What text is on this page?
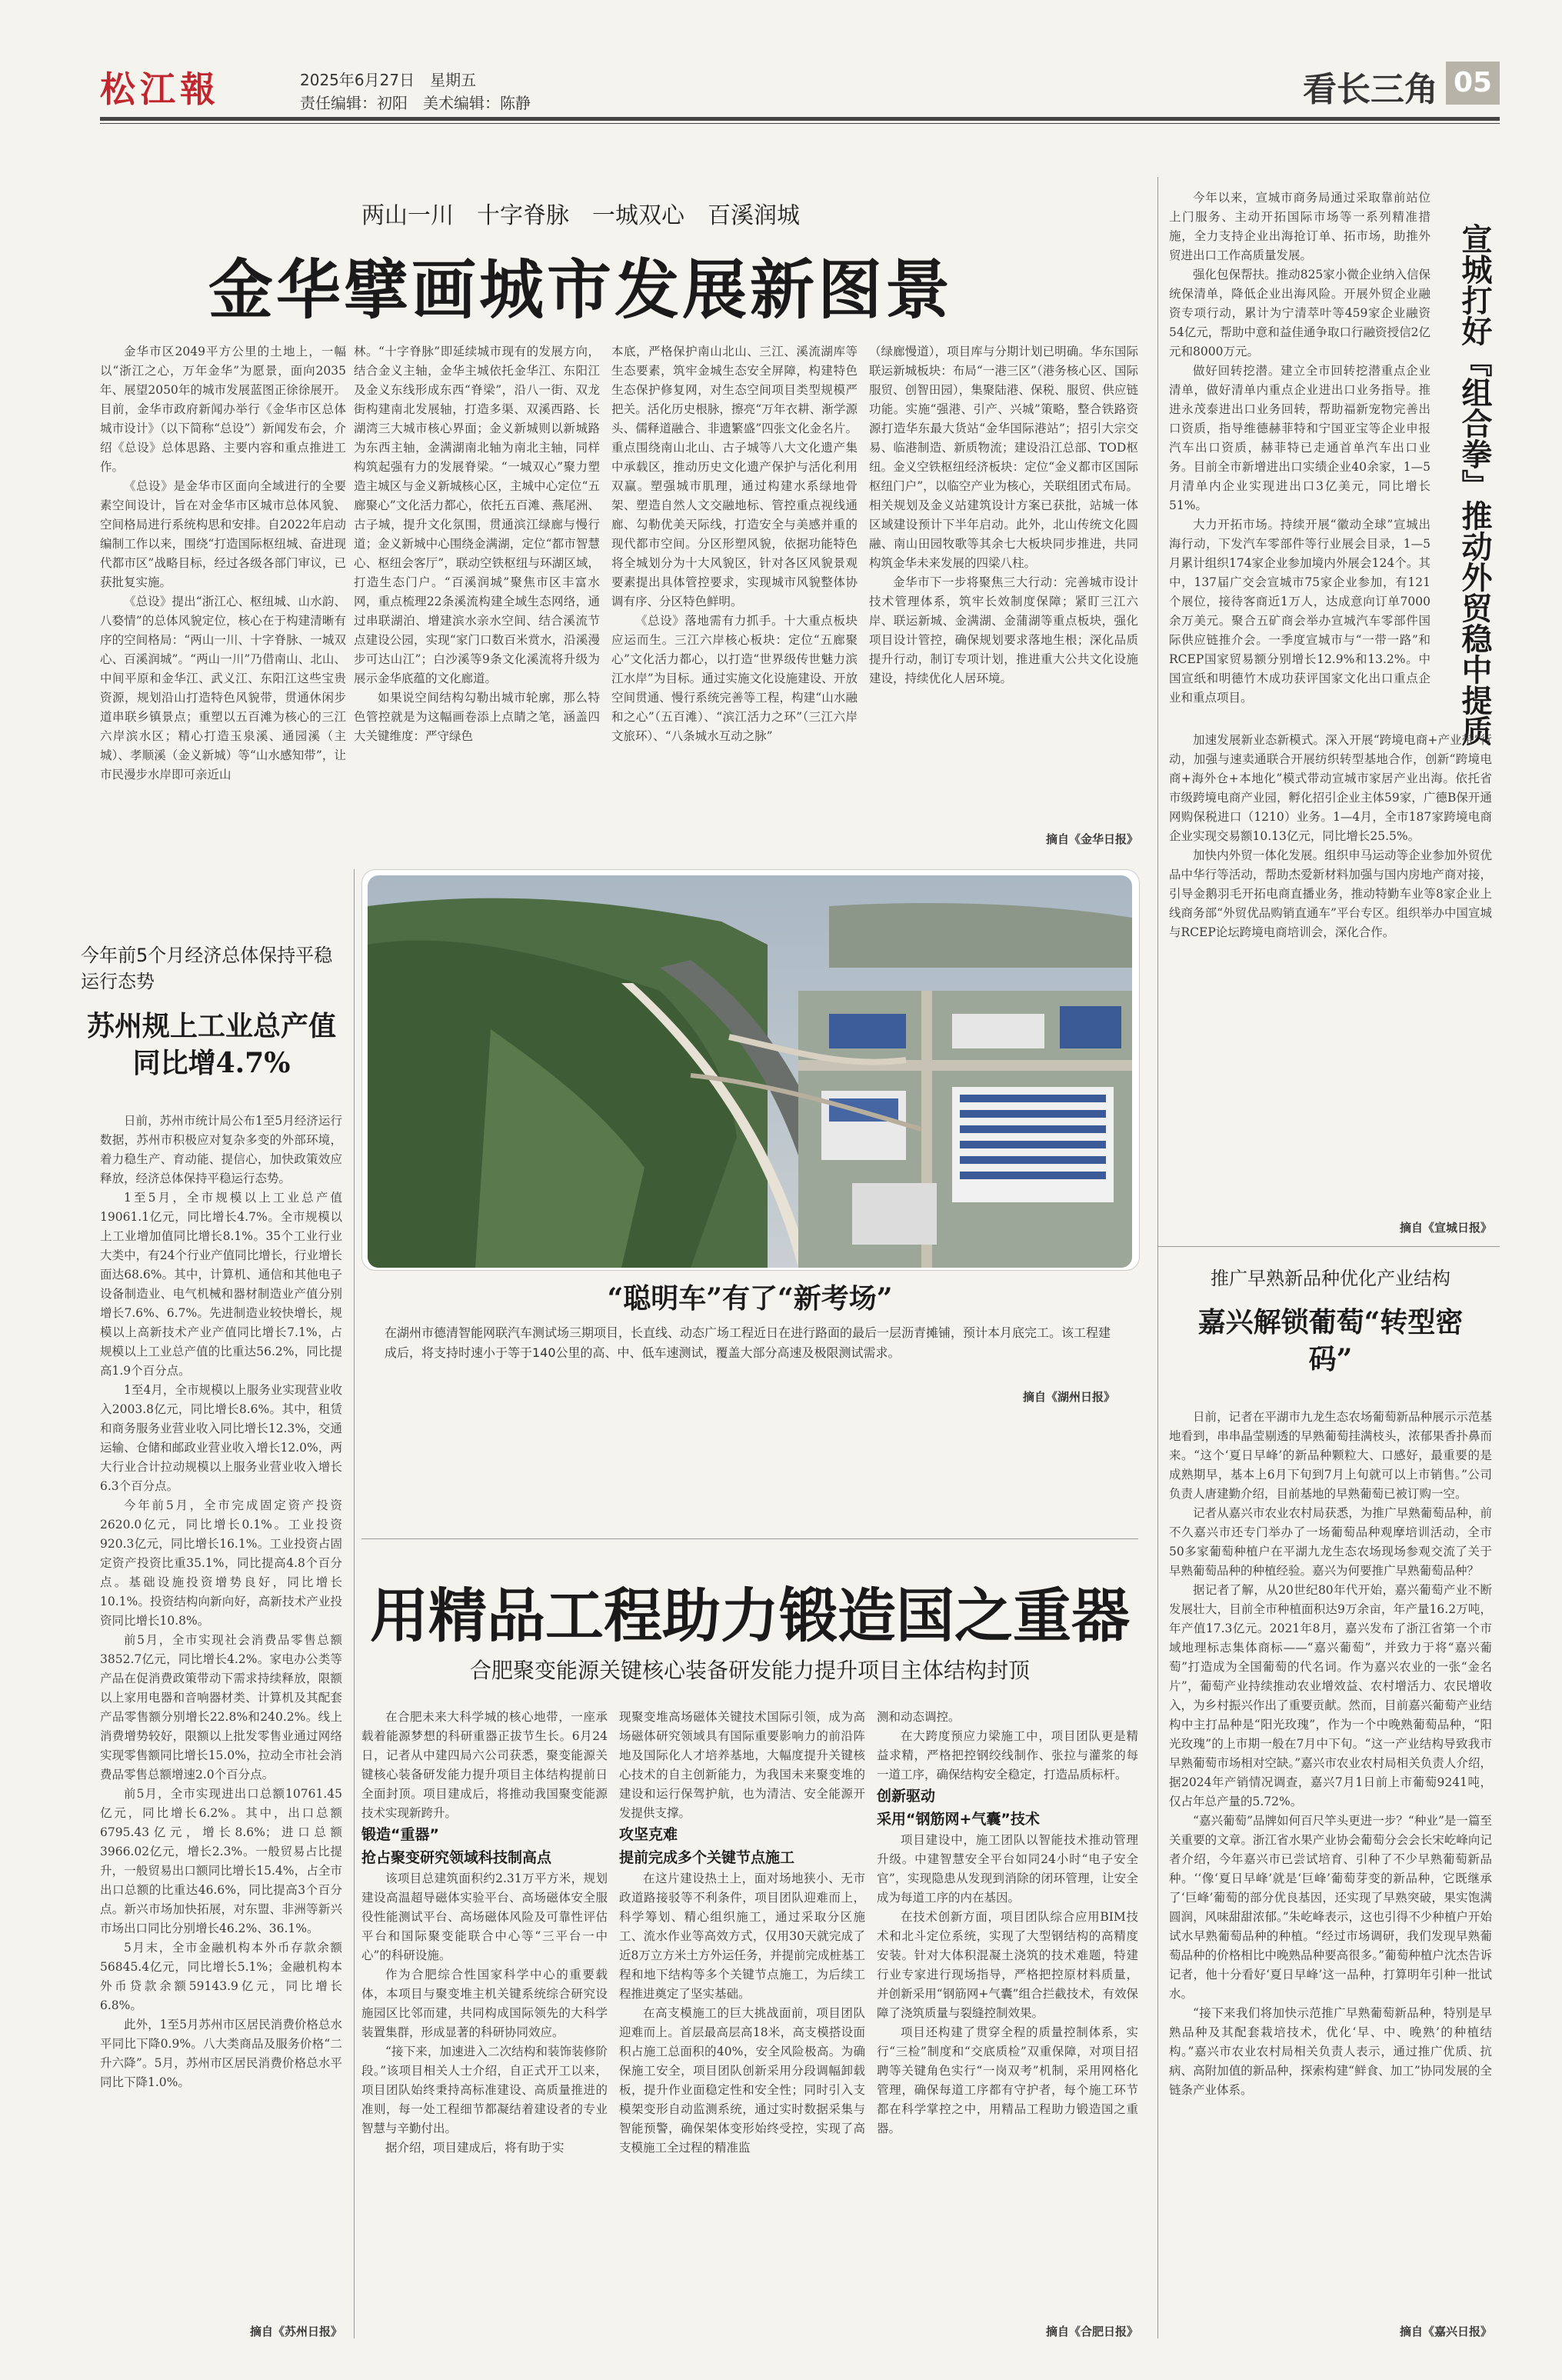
松江報	2025年6月27日　星期五
责任编辑：初阳　美术编辑：陈静	看长三角 05
两山一川　十字脊脉　一城双心　百溪润城
金华擘画城市发展新图景

金华市区2049平方公里的土地上，一幅以“浙江之心，万年金华”为愿景，面向2035年、展望2050年的城市发展蓝图正徐徐展开。目前，金华市政府新闻办举行《金华市区总体城市设计》（以下简称“总设”）新闻发布会，介绍《总设》总体思路、主要内容和重点推进工作。

《总设》是金华市区面向全域进行的全要素空间设计，旨在对金华市区城市总体风貌、空间格局进行系统构思和安排。自2022年启动编制工作以来，围绕“打造国际枢纽城、奋进现代都市区”战略目标，经过各级各部门审议，已获批复实施。

《总设》提出“浙江心、枢纽城、山水韵、八婺情”的总体风貌定位，核心在于构建清晰有序的空间格局：“两山一川、十字脊脉、一城双心、百溪润城”。“两山一川”乃借南山、北山、中间平原和金华江、武义江、东阳江这些宝贵资源，规划沿山打造特色风貌带，贯通休闲步道串联乡镇景点；重塑以五百滩为核心的三江六岸滨水区；精心打造玉泉溪、通园溪（主城）、孝顺溪（金义新城）等“山水感知带”，让市民漫步水岸即可亲近山

林。“十字脊脉”即延续城市现有的发展方向，结合金义主轴，金华主城依托金华江、东阳江及金义东线形成东西“脊梁”，沿八一街、双龙街构建南北发展轴，打造多渠、双溪西路、长湖湾三大城市核心界面；金义新城则以新城路为东西主轴，金满湖南北轴为南北主轴，同样构筑起强有力的发展脊梁。“一城双心”聚力塑造主城区与金义新城核心区，主城中心定位“五廊聚心”文化活力都心，依托五百滩、燕尾洲、古子城，提升文化氛围，贯通滨江绿廊与慢行道；金义新城中心围绕金满湖，定位“都市智慧心、枢纽会客厅”，联动空铁枢纽与环湖区域，打造生态门户。“百溪润城”聚焦市区丰富水网，重点梳理22条溪流构建全域生态网络，通过串联湖泊、增建滨水亲水空间、结合溪流节点建设公园，实现“家门口数百米赏水，沿溪漫步可达山江”；白沙溪等9条文化溪流将升级为展示金华底蕴的文化廊道。

如果说空间结构勾勒出城市轮廓，那么特色管控就是为这幅画卷添上点睛之笔，涵盖四大关键维度：严守绿色

本底，严格保护南山北山、三江、溪流湖库等生态要素，筑牢金城生态安全屏障，构建特色生态保护修复网，对生态空间项目类型规模严把关。活化历史根脉，擦亮“万年衣耕、渐学源头、儒释道融合、非遗繁盛”四张文化金名片。重点围绕南山北山、古子城等八大文化遗产集中承载区，推动历史文化遗产保护与活化利用双赢。塑强城市肌理，通过构建水系绿地骨架、塑造自然人文交融地标、管控重点视线通廊、勾勒优美天际线，打造安全与美感并重的现代都市空间。分区形塑风貌，依据功能特色将全城划分为十大风貌区，针对各区风貌景观要素提出具体管控要求，实现城市风貌整体协调有序、分区特色鲜明。

《总设》落地需有力抓手。十大重点板块应运而生。三江六岸核心板块：定位“五廊聚心”文化活力都心，以打造“世界级传世魅力滨江水岸”为目标。通过实施文化设施建设、开放空间贯通、慢行系统完善等工程，构建“山水融和之心”（五百滩）、“滨江活力之环”（三江六岸文旅环）、“八条城水互动之脉”

（绿廊慢道），项目库与分期计划已明确。华东国际联运新城板块：布局“一港三区”（港务核心区、国际服贸、创智田园），集聚陆港、保税、服贸、供应链功能。实施“强港、引产、兴城”策略，整合铁路资源打造华东最大货站“金华国际港站”；招引大宗交易、临港制造、新质物流；建设沿江总部、TOD枢纽。金义空铁枢纽经济板块：定位“金义都市区国际枢纽门户”，以临空产业为核心，关联组团式布局。相关规划及金义站建筑设计方案已获批，站城一体区域建设预计下半年启动。此外，北山传统文化圆融、南山田园牧歌等其余七大板块同步推进，共同构筑金华未来发展的四梁八柱。

金华市下一步将聚焦三大行动：完善城市设计技术管理体系，筑牢长效制度保障；紧盯三江六岸、联运新城、金满湖、金蒲湖等重点板块，强化项目设计管控，确保规划要求落地生根；深化品质提升行动，制订专项计划，推进重大公共文化设施建设，持续优化人居环境。

摘自《金华日报》
宣城打好『组合拳』推动外贸稳中提质

今年以来，宣城市商务局通过采取靠前站位上门服务、主动开拓国际市场等一系列精准措施，全力支持企业出海抢订单、拓市场，助推外贸进出口工作高质量发展。

强化包保帮扶。推动825家小微企业纳入信保统保清单，降低企业出海风险。开展外贸企业融资专项行动，累计为宁清萃叶等459家企业融资54亿元，帮助中意和益佳通争取口行融资授信2亿元和8000万元。

做好回转挖潜。建立全市回转挖潜重点企业清单，做好清单内重点企业进出口业务指导。推进永茂泰进出口业务回转，帮助福新宠物完善出口资质，指导维德赫菲特和宁国亚宝等企业申报汽车出口资质，赫菲特已走通首单汽车出口业务。目前全市新增进出口实绩企业40余家，1—5月清单内企业实现进出口3亿美元，同比增长51%。

大力开拓市场。持续开展“徽动全球”宣城出海行动，下发汽车零部件等行业展会目录，1—5月累计组织174家企业参加境内外展会124个。其中，137届广交会宣城市75家企业参加，有121个展位，接待客商近1万人，达成意向订单7000余万美元。聚合五矿商会举办宣城汽车零部件国际供应链推介会。一季度宣城市与“一带一路”和RCEP国家贸易额分别增长12.9%和13.2%。中国宣纸和明德竹木成功获评国家文化出口重点企业和重点项目。

加速发展新业态新模式。深入开展“跨境电商+产业带”行动，加强与速卖通联合开展纺织转型基地合作，创新“跨境电商+海外仓+本地化”模式带动宣城市家居产业出海。依托省市级跨境电商产业园，孵化招引企业主体59家，广德B保开通网购保税进口（1210）业务。1—4月，全市187家跨境电商企业实现交易额10.13亿元，同比增长25.5%。

加快内外贸一体化发展。组织申马运动等企业参加外贸优品中华行等活动，帮助杰爱新材料加强与国内房地产商对接，引导金鹅羽毛开拓电商直播业务，推动特勤车业等8家企业上线商务部“外贸优品购销直通车”平台专区。组织举办中国宣城与RCEP论坛跨境电商培训会，深化合作。

摘自《宣城日报》
今年前5个月经济总体保持平稳运行态势
苏州规上工业总产值同比增4.7%

日前，苏州市统计局公布1至5月经济运行数据，苏州市积极应对复杂多变的外部环境，着力稳生产、育动能、提信心，加快政策效应释放，经济总体保持平稳运行态势。

1至5月，全市规模以上工业总产值19061.1亿元，同比增长4.7%。全市规模以上工业增加值同比增长8.1%。35个工业行业大类中，有24个行业产值同比增长，行业增长面达68.6%。其中，计算机、通信和其他电子设备制造业、电气机械和器材制造业产值分别增长7.6%、6.7%。先进制造业较快增长，规模以上高新技术产业产值同比增长7.1%，占规模以上工业总产值的比重达56.2%，同比提高1.9个百分点。

1至4月，全市规模以上服务业实现营业收入2003.8亿元，同比增长8.6%。其中，租赁和商务服务业营业收入同比增长12.3%，交通运输、仓储和邮政业营业收入增长12.0%，两大行业合计拉动规模以上服务业营业收入增长6.3个百分点。

今年前5月，全市完成固定资产投资2620.0亿元，同比增长0.1%。工业投资920.3亿元，同比增长16.1%。工业投资占固定资产投资比重35.1%，同比提高4.8个百分点。基础设施投资增势良好，同比增长10.1%。投资结构向新向好，高新技术产业投资同比增长10.8%。

前5月，全市实现社会消费品零售总额3852.7亿元，同比增长4.2%。家电办公类等产品在促消费政策带动下需求持续释放，限额以上家用电器和音响器材类、计算机及其配套产品零售额分别增长22.8%和240.2%。线上消费增势较好，限额以上批发零售业通过网络实现零售额同比增长15.0%，拉动全市社会消费品零售总额增速2.0个百分点。

前5月，全市实现进出口总额10761.45亿元，同比增长6.2%。其中，出口总额6795.43亿元，增长8.6%；进口总额3966.02亿元，增长2.3%。一般贸易占比提升，一般贸易出口额同比增长15.4%，占全市出口总额的比重达46.6%，同比提高3个百分点。新兴市场加快拓展，对东盟、非洲等新兴市场出口同比分别增长46.2%、36.1%。

5月末，全市金融机构本外币存款余额56845.4亿元，同比增长5.1%；金融机构本外币贷款余额59143.9亿元，同比增长6.8%。

此外，1至5月苏州市区居民消费价格总水平同比下降0.9%。八大类商品及服务价格“二升六降”。5月，苏州市区居民消费价格总水平同比下降1.0%。

摘自《苏州日报》
“聪明车”有了“新考场”
在湖州市德清智能网联汽车测试场三期项目，长直线、动态广场工程近日在进行路面的最后一层沥青摊铺，预计本月底完工。该工程建成后，将支持时速小于等于140公里的高、中、低车速测试，覆盖大部分高速及极限测试需求。
摘自《湖州日报》
用精品工程助力锻造国之重器
合肥聚变能源关键核心装备研发能力提升项目主体结构封顶

在合肥未来大科学城的核心地带，一座承载着能源梦想的科研重器正拔节生长。6月24日，记者从中建四局六公司获悉，聚变能源关键核心装备研发能力提升项目主体结构提前日全面封顶。项目建成后，将推动我国聚变能源技术实现新跨升。

锻造“重器”

抢占聚变研究领域科技制高点

该项目总建筑面积约2.31万平方米，规划建设高温超导磁体实验平台、高场磁体安全服役性能测试平台、高场磁体风险及可靠性评估平台和国际聚变能联合中心等“三平台一中心”的科研设施。

作为合肥综合性国家科学中心的重要载体，本项目与聚变堆主机关键系统综合研究设施园区比邻而建，共同构成国际领先的大科学装置集群，形成显著的科研协同效应。

“接下来，加速进入二次结构和装饰装修阶段。”该项目相关人士介绍，自正式开工以来，项目团队始终秉持高标准建设、高质量推进的准则，每一处工程细节都凝结着建设者的专业智慧与辛勤付出。

据介绍，项目建成后，将有助于实

现聚变堆高场磁体关键技术国际引领，成为高场磁体研究领域具有国际重要影响力的前沿阵地及国际化人才培养基地，大幅度提升关键核心技术的自主创新能力，为我国未来聚变堆的建设和运行保驾护航，也为清洁、安全能源开发提供支撑。

攻坚克难

提前完成多个关键节点施工

在这片建设热土上，面对场地狭小、无市政道路接驳等不利条件，项目团队迎难而上，科学筹划、精心组织施工，通过采取分区施工、流水作业等高效方式，仅用30天就完成了近8万立方米土方外运任务，并提前完成桩基工程和地下结构等多个关键节点施工，为后续工程推进奠定了坚实基础。

在高支模施工的巨大挑战面前，项目团队迎难而上。首层最高层高18米，高支模搭设面积占施工总面积的40%，安全风险极高。为确保施工安全，项目团队创新采用分段调幅卸载板，提升作业面稳定性和安全性；同时引入支模架变形自动监测系统，通过实时数据采集与智能预警，确保架体变形始终受控，实现了高支模施工全过程的精准监

测和动态调控。

在大跨度预应力梁施工中，项目团队更是精益求精，严格把控钢绞线制作、张拉与灌浆的每一道工序，确保结构安全稳定，打造品质标杆。

创新驱动

采用“钢筋网+气囊”技术

项目建设中，施工团队以智能技术推动管理升级。中建智慧安全平台如同24小时“电子安全官”，实现隐患从发现到消除的闭环管理，让安全成为每道工序的内在基因。

在技术创新方面，项目团队综合应用BIM技术和北斗定位系统，实现了大型钢结构的高精度安装。针对大体积混凝土浇筑的技术难题，特建行业专家进行现场指导，严格把控原材料质量，并创新采用“钢筋网+气囊”组合拦截技术，有效保障了浇筑质量与裂缝控制效果。

项目还构建了贯穿全程的质量控制体系，实行“三检”制度和“交底质检”双重保障，对项目招聘等关键角色实行“一岗双考”机制，采用网格化管理，确保每道工序都有守护者，每个施工环节都在科学掌控之中，用精品工程助力锻造国之重器。

摘自《合肥日报》
推广早熟新品种优化产业结构
嘉兴解锁葡萄“转型密码”

日前，记者在平湖市九龙生态农场葡萄新品种展示示范基地看到，串串晶莹剔透的早熟葡萄挂满枝头，浓郁果香扑鼻而来。“这个‘夏日早峰’的新品种颗粒大、口感好，最重要的是成熟期早，基本上6月下旬到7月上旬就可以上市销售。”公司负责人唐建勤介绍，目前基地的早熟葡萄已被订购一空。

记者从嘉兴市农业农村局获悉，为推广早熟葡萄品种，前不久嘉兴市还专门举办了一场葡萄品种观摩培训活动，全市50多家葡萄种植户在平湖九龙生态农场现场参观交流了关于早熟葡萄品种的种植经验。嘉兴为何要推广早熟葡萄品种？

据记者了解，从20世纪80年代开始，嘉兴葡萄产业不断发展壮大，目前全市种植面积达9万余亩，年产量16.2万吨，年产值17.3亿元。2021年8月，嘉兴发布了浙江省第一个市域地理标志集体商标——“嘉兴葡萄”，并致力于将“嘉兴葡萄”打造成为全国葡萄的代名词。作为嘉兴农业的一张“金名片”，葡萄产业持续推动农业增效益、农村增活力、农民增收入，为乡村振兴作出了重要贡献。然而，目前嘉兴葡萄产业结构中主打品种是“阳光玫瑰”，作为一个中晚熟葡萄品种，“阳光玫瑰”的上市期一般在7月中下旬。“这一产业结构导致我市早熟葡萄市场相对空缺。”嘉兴市农业农村局相关负责人介绍，据2024年产销情况调查，嘉兴7月1日前上市葡萄9241吨，仅占年总产量的5.72%。

“嘉兴葡萄”品牌如何百尺竿头更进一步？“种业”是一篇至关重要的文章。浙江省水果产业协会葡萄分会会长宋屹峰向记者介绍，今年嘉兴市已尝试培育、引种了不少早熟葡萄新品种。‘‘像‘夏日早峰’就是‘巨峰’葡萄芽变的新品种，它既继承了‘巨峰’葡萄的部分优良基因，还实现了早熟突破，果实饱满圆润，风味甜甜浓郁。”朱屹峰表示，这也引得不少种植户开始试水早熟葡萄品种的种植。“经过市场调研，我们发现早熟葡萄品种的价格相比中晚熟品种要高很多。”葡萄种植户沈杰告诉记者，他十分看好‘夏日早峰’这一品种，打算明年引种一批试水。

“接下来我们将加快示范推广早熟葡萄新品种，特别是早熟品种及其配套栽培技术，优化‘早、中、晚熟’的种植结构。”嘉兴市农业农村局相关负责人表示，通过推广优质、抗病、高附加值的新品种，探索构建“鲜食、加工”协同发展的全链条产业体系。

摘自《嘉兴日报》
